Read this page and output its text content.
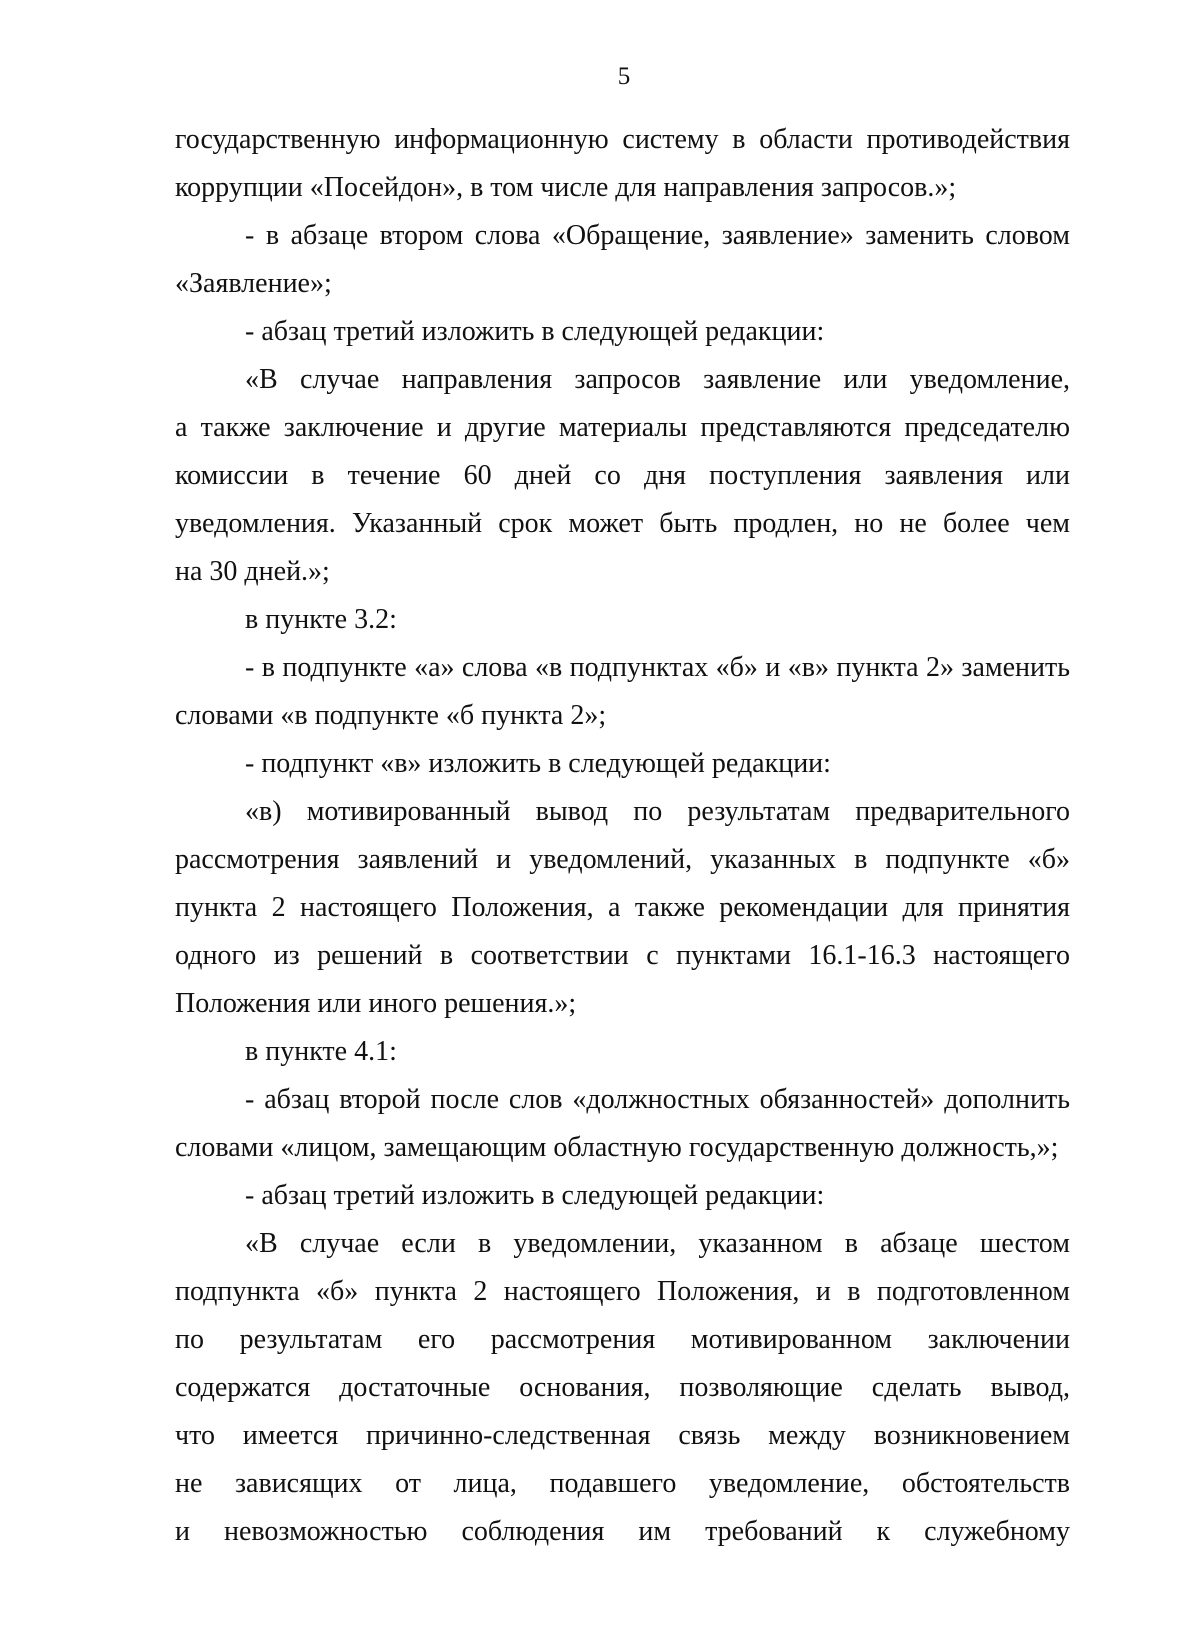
5
государственную информационную систему в области противодействия
коррупции «Посейдон», в том числе для направления запросов.»;
- в абзаце втором слова «Обращение, заявление» заменить словом
«Заявление»;
- абзац третий изложить в следующей редакции:
«В случае направления запросов заявление или уведомление,
а также заключение и другие материалы представляются председателю
комиссии в течение 60 дней со дня поступления заявления или
уведомления. Указанный срок может быть продлен, но не более чем
на 30 дней.»;
в пункте 3.2:
- в подпункте «а» слова «в подпунктах «б» и «в» пункта 2» заменить
словами «в подпункте «б пункта 2»;
- подпункт «в» изложить в следующей редакции:
«в) мотивированный вывод по результатам предварительного
рассмотрения заявлений и уведомлений, указанных в подпункте «б»
пункта 2 настоящего Положения, а также рекомендации для принятия
одного из решений в соответствии с пунктами 16.1-16.3 настоящего
Положения или иного решения.»;
в пункте 4.1:
- абзац второй после слов «должностных обязанностей» дополнить
словами «лицом, замещающим областную государственную должность,»;
- абзац третий изложить в следующей редакции:
«В случае если в уведомлении, указанном в абзаце шестом
подпункта «б» пункта 2 настоящего Положения, и в подготовленном
по результатам его рассмотрения мотивированном заключении
содержатся достаточные основания, позволяющие сделать вывод,
что имеется причинно-следственная связь между возникновением
не зависящих от лица, подавшего уведомление, обстоятельств
и невозможностью соблюдения им требований к служебному
